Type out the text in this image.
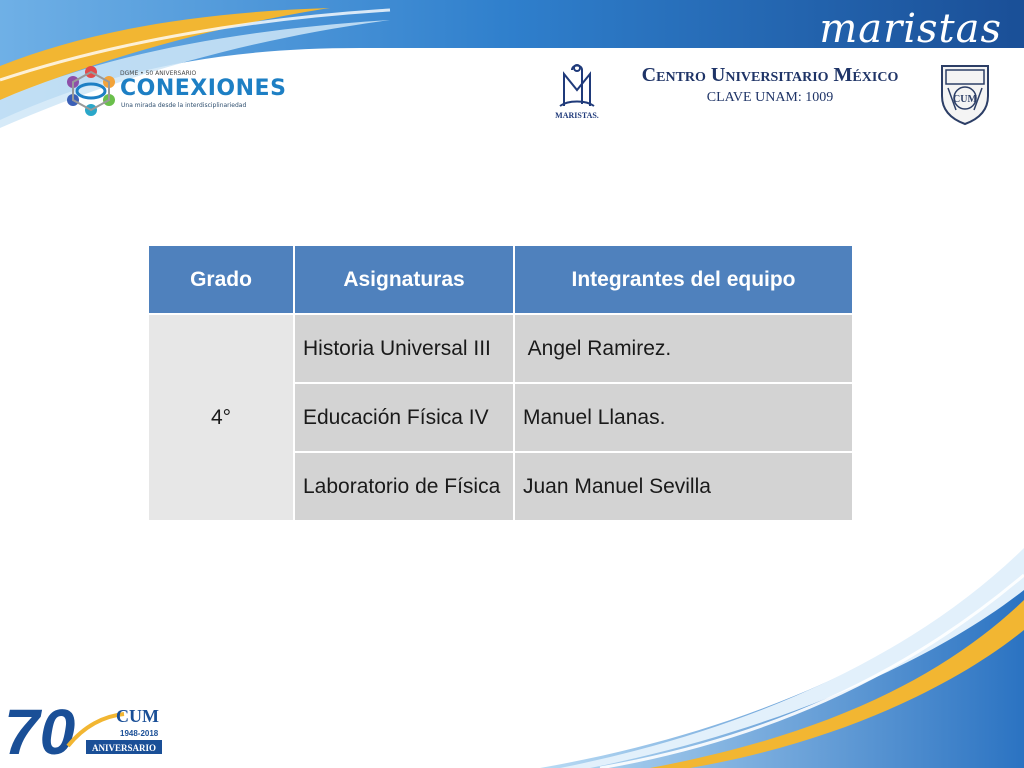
maristas
DGME • 50 ANIVERSARIO
CONEXIONES
Una mirada desde la interdisciplinariedad
MARISTAS.
Centro Universitario México
CLAVE UNAM: 1009	CUM
Grado	Asignaturas	Integrantes del equipo
4°	Historia Universal III	Angel Ramirez.
	Educación Física IV	Manuel Llanas.
	Laboratorio de Física	Juan Manuel Sevilla
70 CUM
1948-2018
ANIVERSARIO
